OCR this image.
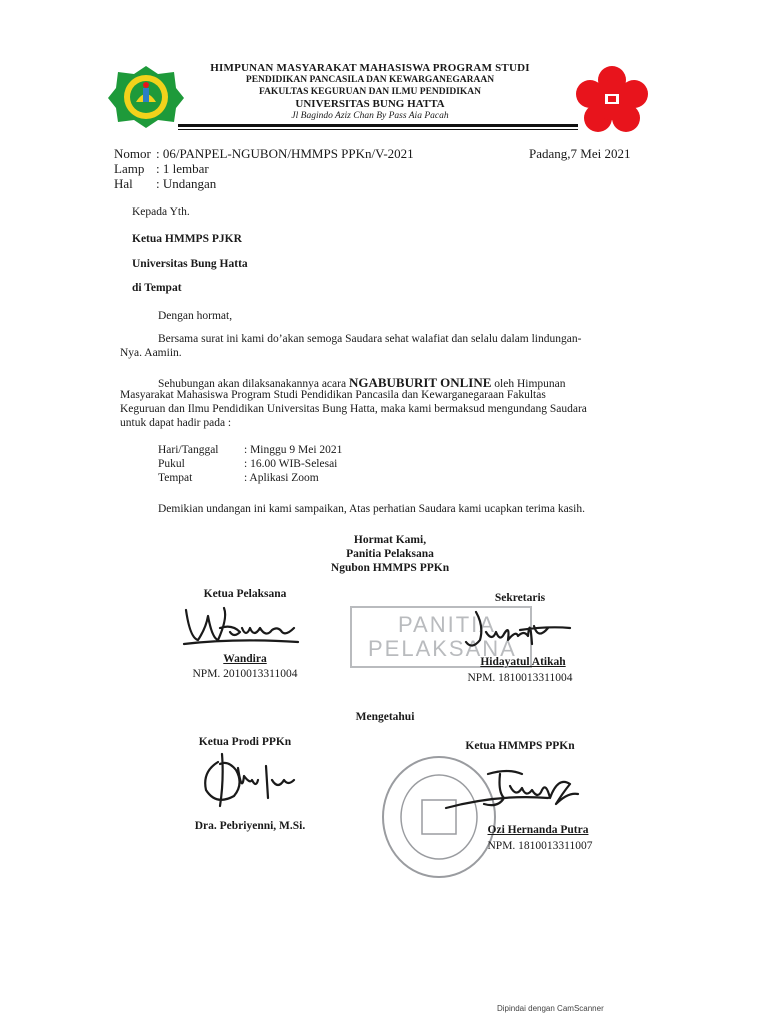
HIMPUNAN MASYARAKAT MAHASISWA PROGRAM STUDI
PENDIDIKAN PANCASILA DAN KEWARGANEGARAAN
FAKULTAS KEGURUAN DAN ILMU PENDIDIKAN
UNIVERSITAS BUNG HATTA
Jl Bagindo Aziz Chan By Pass Aia Pacah
Nomor : 06/PANPEL-NGUBON/HMMPS PPKn/V-2021	Padang,7 Mei 2021
Lamp : 1 lembar
Hal : Undangan
Kepada Yth.
Ketua HMMPS PJKR
Universitas Bung Hatta
di Tempat
Dengan hormat,
Bersama surat ini kami do’akan semoga Saudara sehat walafiat dan selalu dalam lindungan-
Nya. Aamiin.
Sehubungan akan dilaksanakannya acara NGABUBURIT ONLINE oleh Himpunan
Masyarakat Mahasiswa Program Studi Pendidikan Pancasila dan Kewarganegaraan Fakultas
Keguruan dan Ilmu Pendidikan Universitas Bung Hatta, maka kami bermaksud mengundang Saudara
untuk dapat hadir pada :
Hari/Tanggal : Minggu 9 Mei 2021
Pukul	: 16.00 WIB-Selesai
Tempat	: Aplikasi Zoom
Demikian undangan ini kami sampaikan, Atas perhatian Saudara kami ucapkan terima kasih.
Hormat Kami,
Panitia Pelaksana
Ngubon HMMPS PPKn
Ketua Pelaksana
Wandira
NPM. 2010013311004
PANITIA
PELAKSANA
Sekretaris
Hidayatul Atikah
NPM. 1810013311004
Mengetahui
Ketua Prodi PPKn
Dra. Pebriyenni, M.Si.
Ketua HMMPS PPKn
Ozi Hernanda Putra
NPM. 1810013311007
Dipindai dengan CamScanner
